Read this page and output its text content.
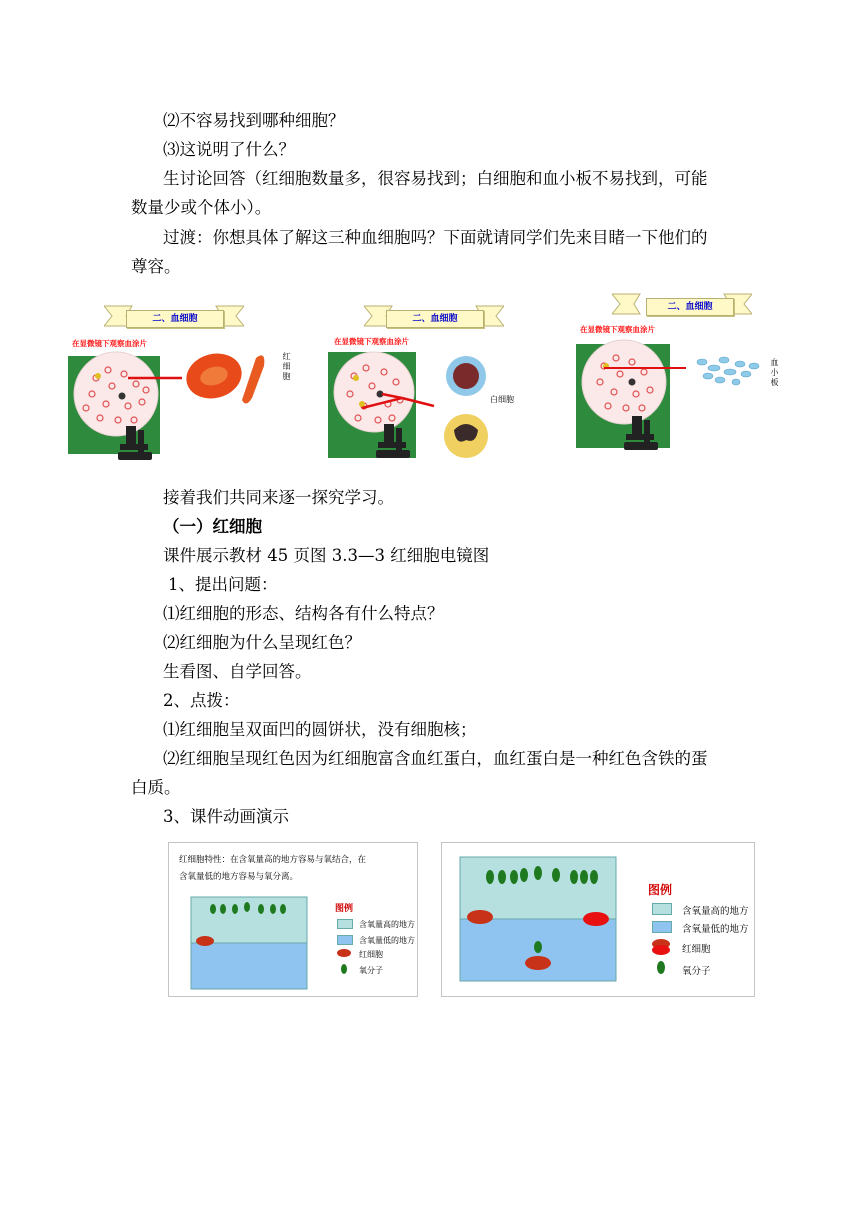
⑵不容易找到哪种细胞？
⑶这说明了什么？
生讨论回答（红细胞数量多，很容易找到；白细胞和血小板不易找到，可能
数量少或个体小）。
过渡：你想具体了解这三种血细胞吗？下面就请同学们先来目睹一下他们的
尊容。
二、血细胞
在显微镜下观察血涂片
红细胞
二、血细胞
在显微镜下观察血涂片
白细胞
二、血细胞
在显微镜下观察血涂片
血小板
接着我们共同来逐一探究学习。
（一）红细胞
课件展示教材 45 页图 3.3—3 红细胞电镜图
1、提出问题：
⑴红细胞的形态、结构各有什么特点？
⑵红细胞为什么呈现红色？
生看图、自学回答。
2、点拨：
⑴红细胞呈双面凹的圆饼状，没有细胞核；
⑵红细胞呈现红色因为红细胞富含血红蛋白，血红蛋白是一种红色含铁的蛋
白质。
3、课件动画演示
红细胞特性：在含氧量高的地方容易与氧结合，在
含氧量低的地方容易与氧分离。
图例
含氧量高的地方
含氧量低的地方
红细胞
氧分子
图例
含氧量高的地方
含氧量低的地方
红细胞
氧分子
